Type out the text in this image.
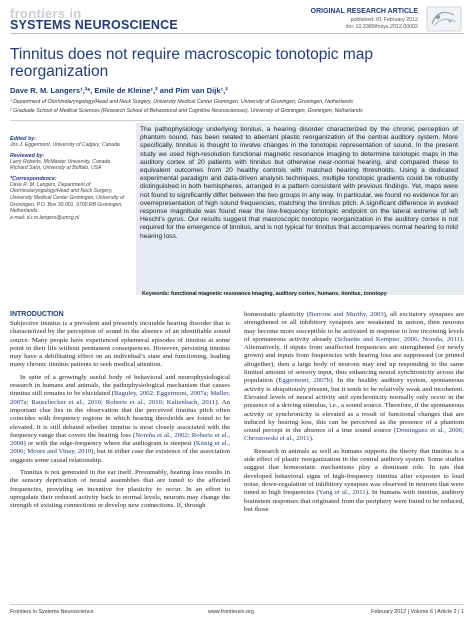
frontiers in
SYSTEMS NEUROSCIENCE
ORIGINAL RESEARCH ARTICLE
published: 01 February 2012
doi: 10.3389/fnsys.2012.00002
Tinnitus does not require macroscopic tonotopic map reorganization
Dave R. M. Langers¹,²*, Emile de Kleine¹,² and Pim van Dijk¹,²
¹ Department of Otorhinolaryngology/Head and Neck Surgery, University Medical Center Groningen, University of Groningen, Groningen, Netherlands
² Graduate School of Medical Sciences (Research School of Behavioural and Cognitive Neurosciences), University of Groningen, Groningen, Netherlands
Edited by:
Jos J. Eggermont, University of Calgary, Canada
Reviewed by:
Larry Roberts, McMaster University, Canada
Richard Salvi, University at Buffalo, USA
*Correspondence:
Dave R. M. Langers, Department of Otorhinolaryngology/Head and Neck Surgery, University Medical Center Groningen, University of Groningen, P.O. Box 30.001, 9700 RB Groningen, Netherlands.
e-mail: d.r.m.langers@umcg.nl
The pathophysiology underlying tinnitus, a hearing disorder characterized by the chronic perception of phantom sound, has been related to aberrant plastic reorganization of the central auditory system. More specifically, tinnitus is thought to involve changes in the tonotopic representation of sound. In the present study we used high-resolution functional magnetic resonance imaging to determine tonotopic maps in the auditory cortex of 20 patients with tinnitus but otherwise near-normal hearing, and compared these to equivalent outcomes from 20 healthy controls with matched hearing thresholds. Using a dedicated experimental paradigm and data-driven analysis techniques, multiple tonotopic gradients could be robustly distinguished in both hemispheres, arranged in a pattern consistent with previous findings. Yet, maps were not found to significantly differ between the two groups in any way. In particular, we found no evidence for an overrepresentation of high sound frequencies, matching the tinnitus pitch. A significant difference in evoked response magnitude was found near the low-frequency tonotopic endpoint on the lateral extreme of left Heschl’s gyrus. Our results suggest that macroscopic tonotopic reorganization in the auditory cortex is not required for the emergence of tinnitus, and is not typical for tinnitus that accompanies normal hearing to mild hearing loss.
Keywords: functional magnetic resonance imaging, auditory cortex, humans, tinnitus, tonotopy
INTRODUCTION

Subjective tinnitus is a prevalent and presently incurable hearing disorder that is characterized by the perception of sound in the absence of an identifiable sound source. Many people have experienced ephemeral episodes of tinnitus at some point in their life without permanent consequences. However, persisting tinnitus may have a debilitating effect on an individual’s state and functioning, leading many chronic tinnitus patients to seek medical attention.

In spite of a growingly useful body of behavioral and neurophysiological research in humans and animals, the pathophysiological mechanism that causes tinnitus still remains to be elucidated (Baguley, 2002; Eggermont, 2007a; Møller, 2007a; Rauschecker et al., 2010; Roberts et al., 2010; Kaltenbach, 2011). An important clue lies in the observation that the perceived tinnitus pitch often coincides with frequency regions in which hearing thresholds are found to be elevated. It is still debated whether tinnitus is most closely associated with the frequency range that covers the hearing loss (Noreña et al., 2002; Roberts et al., 2008) or with the edge-frequency where the audiogram is steepest (König et al., 2006; Moore and Vinay, 2010), but in either case the existence of the association suggests some causal relationship.

Tinnitus is not generated in the ear itself. Presumably, hearing loss results in the sensory deprivation of neural assemblies that are tuned to the affected frequencies, providing an incentive for plasticity to occur. In an effort to upregulate their reduced activity back to normal levels, neurons may change the strength of existing connections or develop new connections. If, through

homeostatic plasticity (Burrone and Murthy, 2003), all excitatory synapses are strengthened or all inhibitory synapses are weakened in unison, then neurons may become more susceptible to be activated in response to low incoming levels of spontaneous activity already (Schaette and Kempter, 2006; Noreña, 2011). Alternatively, if inputs from unaffected frequencies are strengthened (or newly grown) and inputs from frequencies with hearing loss are suppressed (or pruned altogether), then a large body of neurons may end up responding to the same limited amount of sensory input, thus enhancing neural synchronicity across the population (Eggermont, 2007b). In the healthy auditory system, spontaneous activity is ubiquitously present, but it tends to be relatively weak and incoherent. Elevated levels of neural activity and synchronicity normally only occur in the presence of a driving stimulus, i.e., a sound source. Therefore, if the spontaneous activity or synchronicity is elevated as a result of functional changes that are induced by hearing loss, this can be perceived as the presence of a phantom sound percept in the absence of a true sound source (Dominguez et al., 2006; Chrostowski et al., 2011).

Research in animals as well as humans supports the theory that tinnitus is a side effect of plastic reorganization in the central auditory system. Some studies suggest that homeostatic mechanisms play a dominant role. In rats that developed behavioral signs of high-frequency tinnitus after exposure to loud noise, down-regulation of inhibitory synapses was observed in neurons that were tuned to high frequencies (Yang et al., 2011). In humans with tinnitus, auditory brainstem responses that originated from the periphery were found to be reduced, but those

Frontiers in Systems Neuroscience	www.frontiersin.org	February 2012 | Volume 6 | Article 2 | 1
